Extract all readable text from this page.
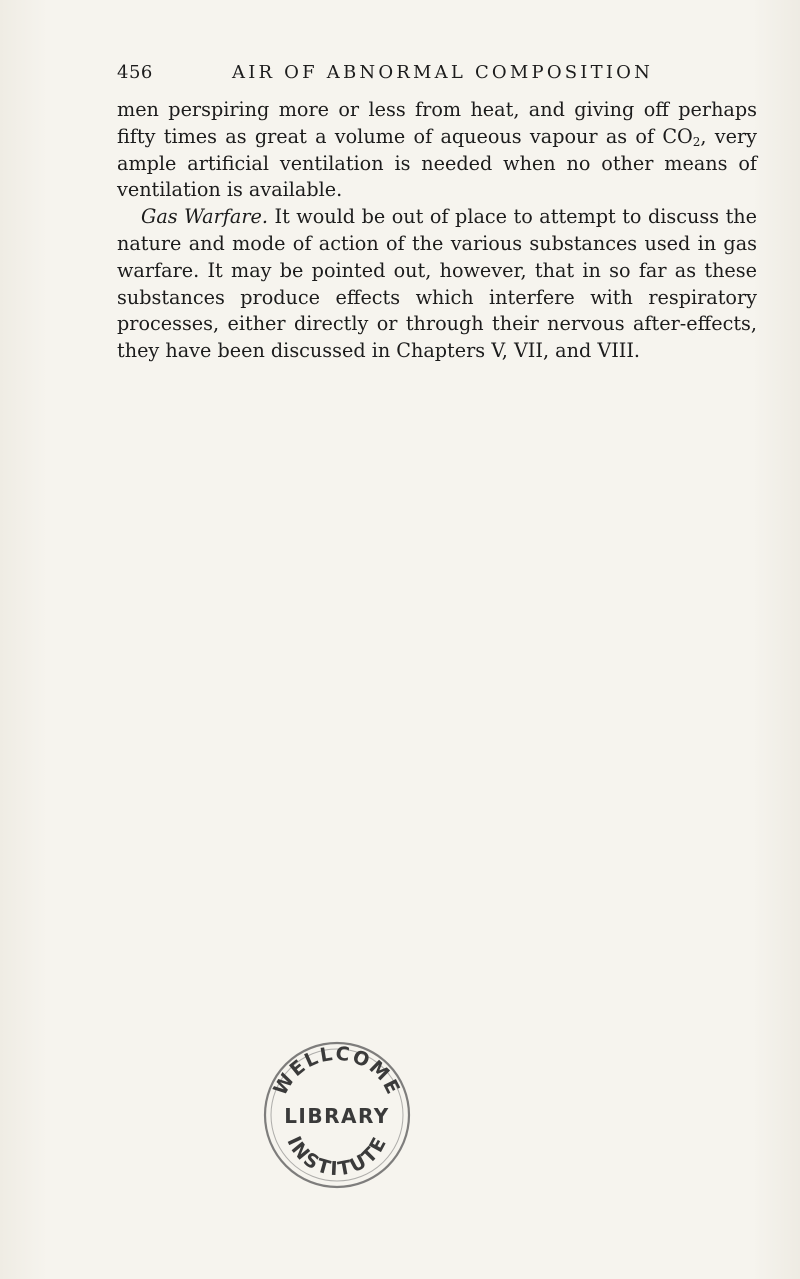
456	AIR OF ABNORMAL COMPOSITION

men perspiring more or less from heat, and giving off perhaps fifty times as great a volume of aqueous vapour as of $CO_2$, very ample artificial ventilation is needed when no other means of ventilation is available.

Gas Warfare. It would be out of place to attempt to discuss the nature and mode of action of the various substances used in gas warfare. It may be pointed out, however, that in so far as these substances produce effects which interfere with respiratory processes, either directly or through their nervous after-effects, they have been discussed in Chapters V, VII, and VIII.

WELLCOME
LIBRARY
INSTITUTE
